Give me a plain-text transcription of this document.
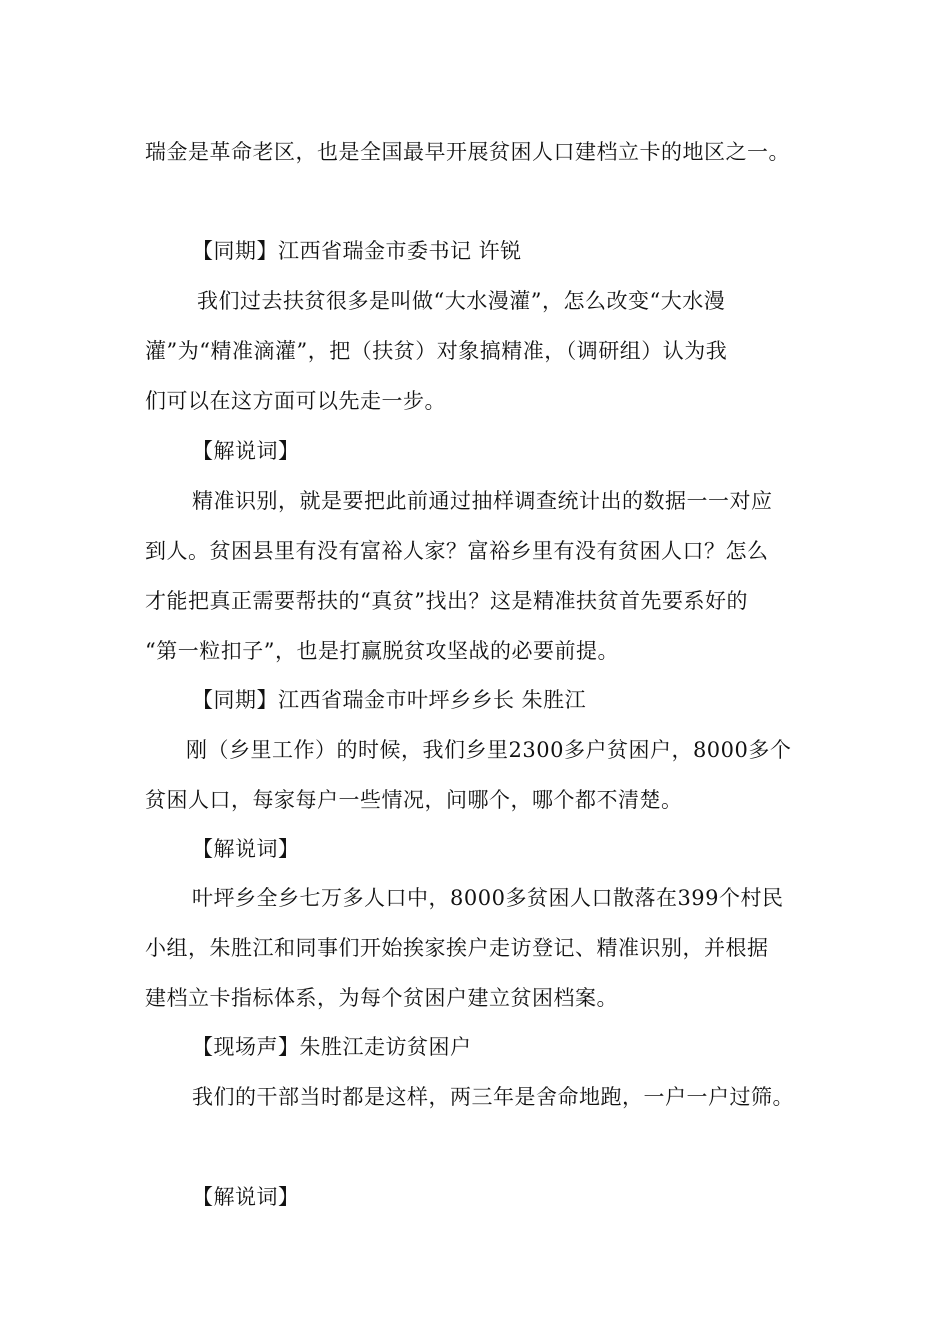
瑞金是革命老区，也是全国最早开展贫困人口建档立卡的地区之一。
【同期】江西省瑞金市委书记 许锐
我们过去扶贫很多是叫做“大水漫灌”，怎么改变“大水漫
灌”为“精准滴灌”，把（扶贫）对象搞精准，（调研组）认为我
们可以在这方面可以先走一步。
【解说词】
精准识别，就是要把此前通过抽样调查统计出的数据一一对应
到人。贫困县里有没有富裕人家？富裕乡里有没有贫困人口？怎么
才能把真正需要帮扶的“真贫”找出？这是精准扶贫首先要系好的
“第一粒扣子”，也是打赢脱贫攻坚战的必要前提。
【同期】江西省瑞金市叶坪乡乡长 朱胜江
刚（乡里工作）的时候，我们乡里2300多户贫困户，8000多个
贫困人口，每家每户一些情况，问哪个，哪个都不清楚。
【解说词】
叶坪乡全乡七万多人口中，8000多贫困人口散落在399个村民
小组，朱胜江和同事们开始挨家挨户走访登记、精准识别，并根据
建档立卡指标体系，为每个贫困户建立贫困档案。
【现场声】朱胜江走访贫困户
我们的干部当时都是这样，两三年是舍命地跑，一户一户过筛。
【解说词】
